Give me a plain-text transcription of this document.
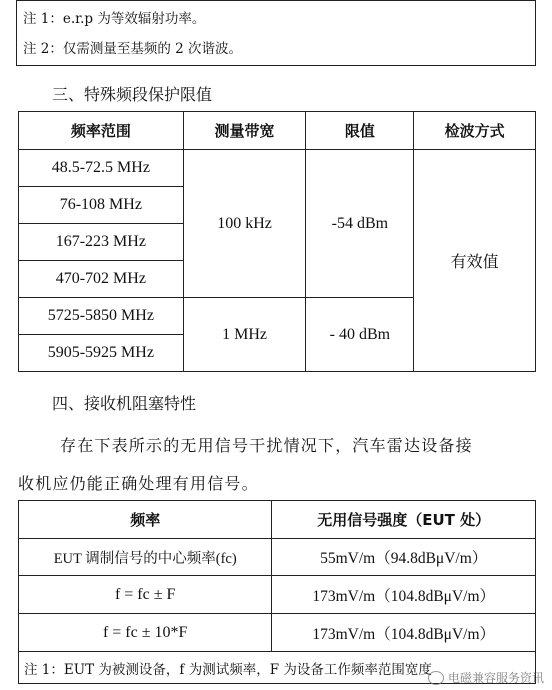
注 1：e.r.p 为等效辐射功率。
注 2：仅需测量至基频的 2 次谐波。
三、特殊频段保护限值
频率范围	测量带宽	限值	检波方式
48.5-72.5 MHz	100 kHz	-54 dBm	有效值
76-108 MHz			
167-223 MHz			
470-702 MHz			
5725-5850 MHz	1 MHz	- 40 dBm	
5905-5925 MHz			
四、接收机阻塞特性
存在下表所示的无用信号干扰情况下，汽车雷达设备接
收机应仍能正确处理有用信号。
频率	无用信号强度（EUT 处）
EUT 调制信号的中心频率(fc)	55mV/m（94.8dBμV/m）
f = fc ± F	173mV/m（104.8dBμV/m）
f = fc ± 10*F	173mV/m（104.8dBμV/m）
注 1：EUT 为被测设备，f 为测试频率，F 为设备工作频率范围宽度	
电磁兼容服务资讯
